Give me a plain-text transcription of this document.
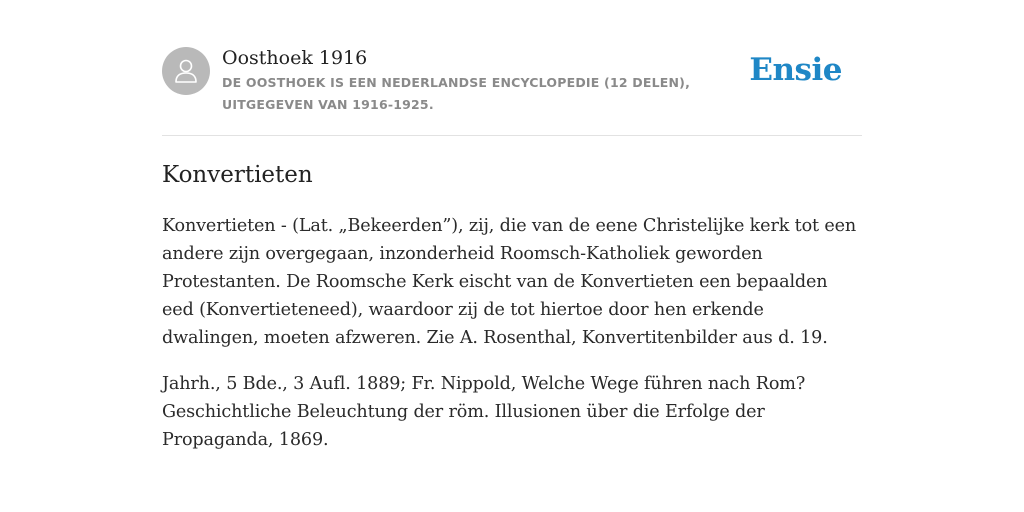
Oosthoek 1916
DE OOSTHOEK IS EEN NEDERLANDSE ENCYCLOPEDIE (12 DELEN), UITGEGEVEN VAN 1916-1925.
Ensie
Konvertieten

Konvertieten - (Lat. „Bekeerden”), zij, die van de eene Christelijke kerk tot een andere zijn overgegaan, inzonderheid Roomsch-Katholiek geworden Protestanten. De Roomsche Kerk eischt van de Konvertieten een bepaalden eed (Konvertieteneed), waardoor zij de tot hiertoe door hen erkende dwalingen, moeten afzweren. Zie A. Rosenthal, Konvertitenbilder aus d. 19.

Jahrh., 5 Bde., 3 Aufl. 1889; Fr. Nippold, Welche Wege führen nach Rom? Geschichtliche Beleuchtung der röm. Illusionen über die Erfolge der Propaganda, 1869.
